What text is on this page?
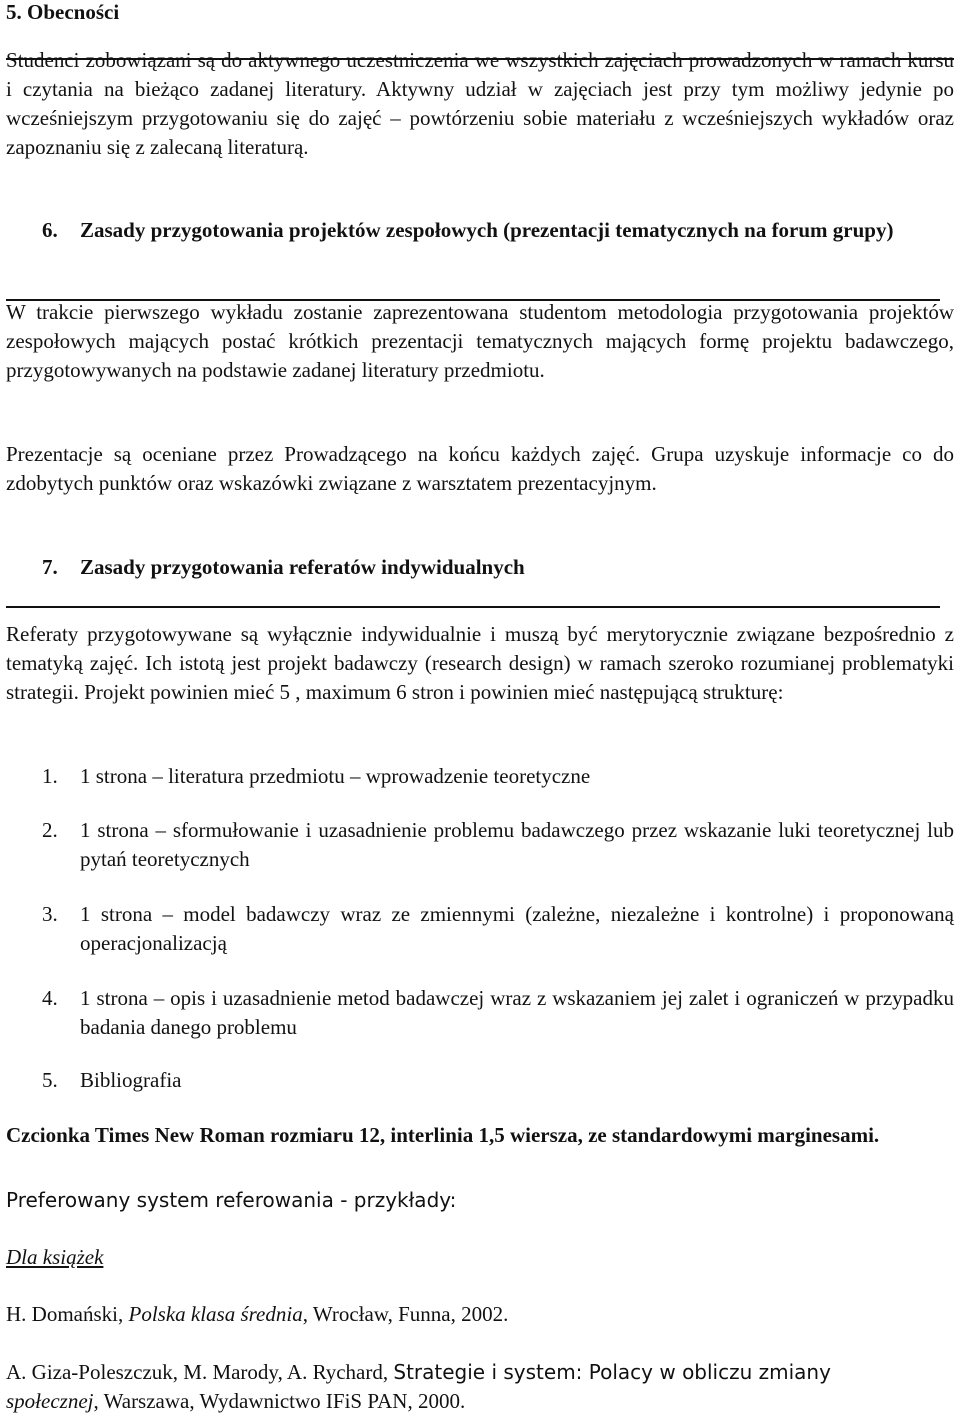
5. Obecności
Studenci zobowiązani są do aktywnego uczestniczenia we wszystkich zajęciach prowadzonych w ramach kursu i czytania na bieżąco zadanej literatury. Aktywny udział w zajęciach jest przy tym możliwy jedynie po wcześniejszym przygotowaniu się do zajęć – powtórzeniu sobie materiału z wcześniejszych wykładów oraz zapoznaniu się z zalecaną literaturą.
6. Zasady przygotowania projektów zespołowych (prezentacji tematycznych na forum grupy)
W trakcie pierwszego wykładu zostanie zaprezentowana studentom metodologia przygotowania projektów zespołowych mających postać krótkich prezentacji tematycznych mających formę projektu badawczego, przygotowywanych na podstawie zadanej literatury przedmiotu.
Prezentacje są oceniane przez Prowadzącego na końcu każdych zajęć. Grupa uzyskuje informacje co do zdobytych punktów oraz wskazówki związane z warsztatem prezentacyjnym.
7. Zasady przygotowania referatów indywidualnych
Referaty przygotowywane są wyłącznie indywidualnie i muszą być merytorycznie związane bezpośrednio z tematyką zajęć. Ich istotą jest projekt badawczy (research design) w ramach szeroko rozumianej problematyki strategii. Projekt powinien mieć 5 , maximum 6 stron i powinien mieć następującą strukturę:
1. 1 strona – literatura przedmiotu – wprowadzenie teoretyczne
2. 1 strona – sformułowanie i uzasadnienie problemu badawczego przez wskazanie luki teoretycznej lub pytań teoretycznych
3. 1 strona – model badawczy wraz ze zmiennymi (zależne, niezależne i kontrolne) i proponowaną operacjonalizacją
4. 1 strona – opis i uzasadnienie metod badawczej wraz z wskazaniem jej zalet i ograniczeń w przypadku badania danego problemu
5. Bibliografia
Czcionka Times New Roman rozmiaru 12, interlinia 1,5 wiersza, ze standardowymi marginesami.
Preferowany system referowania - przykłady:
Dla książek
H. Domański, Polska klasa średnia, Wrocław, Funna, 2002.
A. Giza-Poleszczuk, M. Marody, A. Rychard, Strategie i system: Polacy w obliczu zmiany
społecznej, Warszawa, Wydawnictwo IFiS PAN, 2000.
